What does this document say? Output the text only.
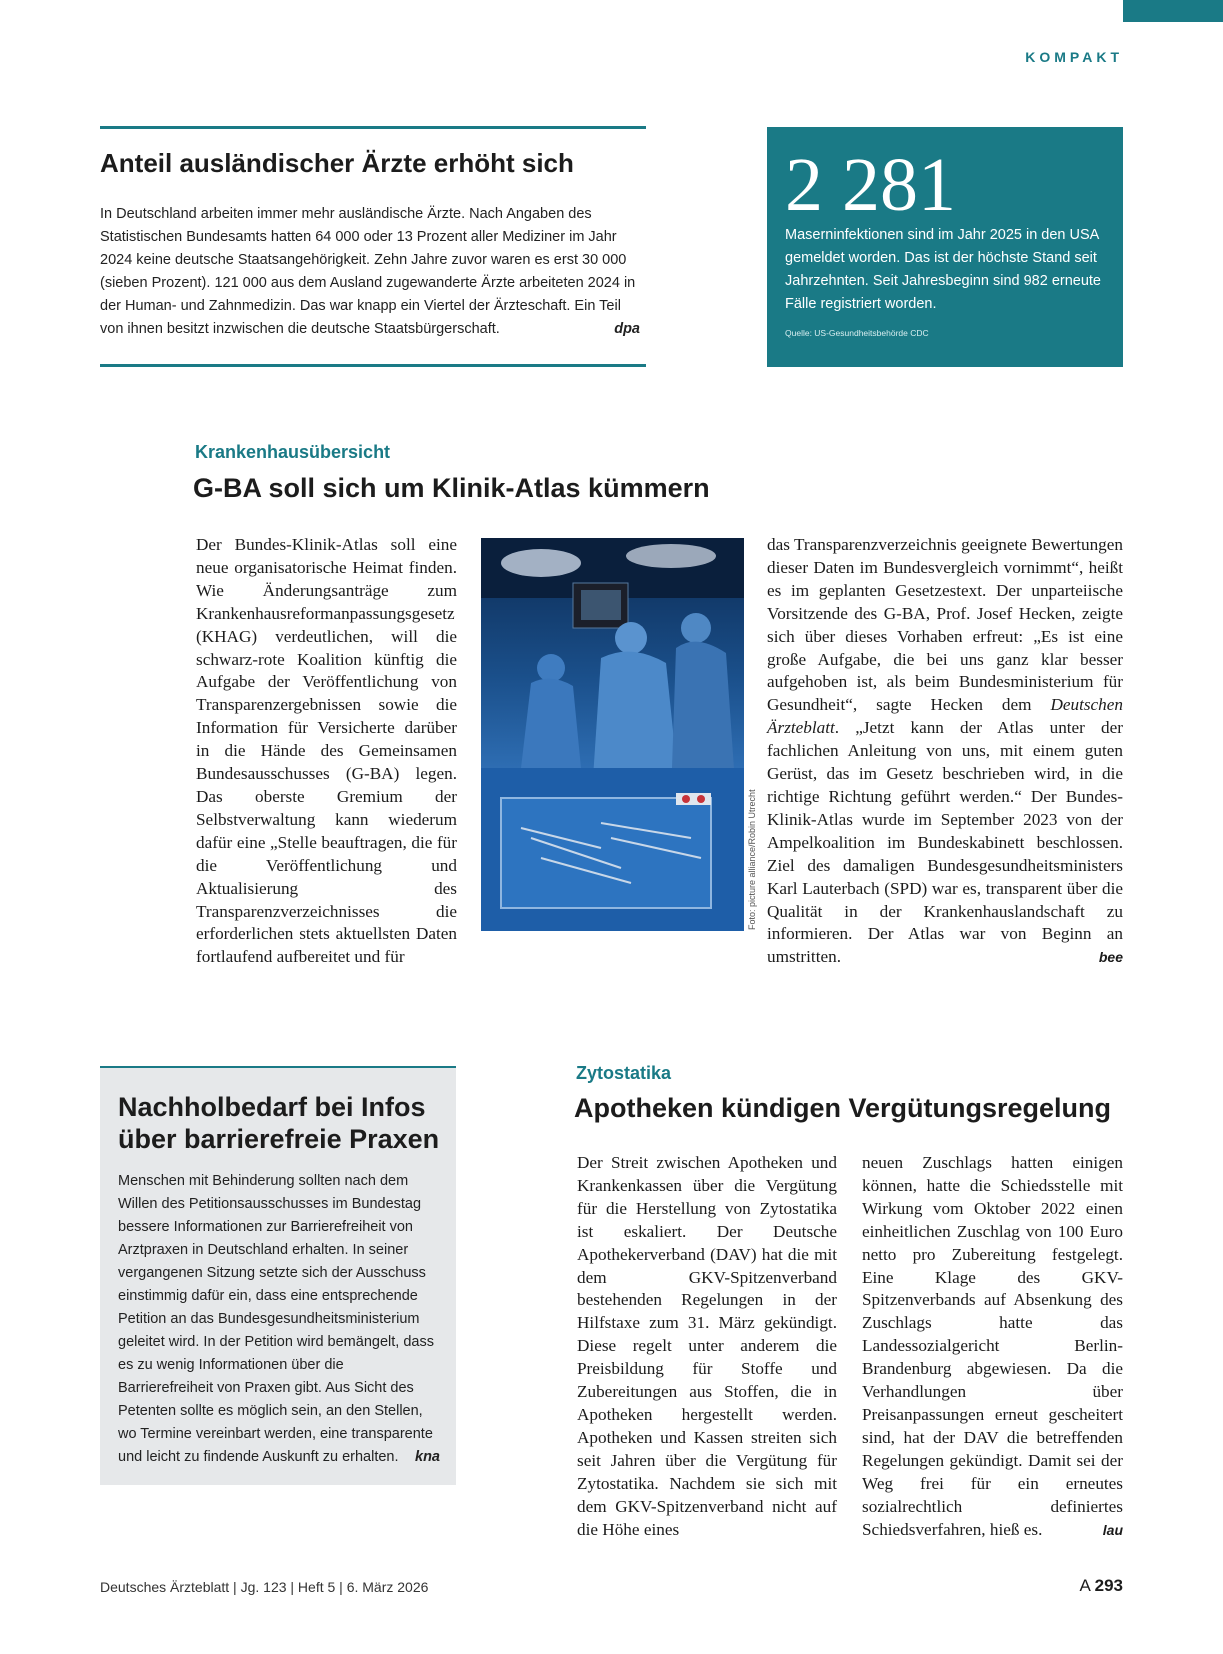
KOMPAKT
Anteil ausländischer Ärzte erhöht sich
In Deutschland arbeiten immer mehr ausländische Ärzte. Nach Angaben des Statistischen Bundesamts hatten 64 000 oder 13 Prozent aller Mediziner im Jahr 2024 keine deutsche Staatsangehörigkeit. Zehn Jahre zuvor waren es erst 30 000 (sieben Prozent). 121 000 aus dem Ausland zugewanderte Ärzte arbeiteten 2024 in der Human- und Zahnmedizin. Das war knapp ein Viertel der Ärzteschaft. Ein Teil von ihnen besitzt inzwischen die deutsche Staatsbürgerschaft.	dpa
2 281
Maserninfektionen sind im Jahr 2025 in den USA gemeldet worden. Das ist der höchste Stand seit Jahrzehnten. Seit Jahresbeginn sind 982 erneute Fälle registriert worden.
Quelle: US-Gesundheitsbehörde CDC
Krankenhausübersicht
G-BA soll sich um Klinik-Atlas kümmern
Der Bundes-Klinik-Atlas soll eine neue organisatorische Heimat finden. Wie Änderungsanträge zum Krankenhausreformanpassungsgesetz (KHAG) verdeutlichen, will die schwarz-rote Koalition künftig die Aufgabe der Veröffentlichung von Transparenzergebnissen sowie die Information für Versicherte darüber in die Hände des Gemeinsamen Bundesausschusses (G-BA) legen. Das oberste Gremium der Selbstverwaltung kann wiederum dafür eine „Stelle beauftragen, die für die Veröffentlichung und Aktualisierung des Transparenzverzeichnisses die erforderlichen stets aktuellsten Daten fortlaufend aufbereitet und für
Foto: picture alliance/Robin Utrecht
das Transparenzverzeichnis geeignete Bewertungen dieser Daten im Bundesvergleich vornimmt“, heißt es im geplanten Gesetzestext. Der unparteiische Vorsitzende des G-BA, Prof. Josef Hecken, zeigte sich über dieses Vorhaben erfreut: „Es ist eine große Aufgabe, die bei uns ganz klar besser aufgehoben ist, als beim Bundesministerium für Gesundheit“, sagte Hecken dem Deutschen Ärzteblatt. „Jetzt kann der Atlas unter der fachlichen Anleitung von uns, mit einem guten Gerüst, das im Gesetz beschrieben wird, in die richtige Richtung geführt werden.“ Der Bundes-Klinik-Atlas wurde im September 2023 von der Ampelkoalition im Bundeskabinett beschlossen. Ziel des damaligen Bundesgesundheitsministers Karl Lauterbach (SPD) war es, transparent über die Qualität in der Krankenhauslandschaft zu informieren. Der Atlas war von Beginn an umstritten.	bee
Nachholbedarf bei Infos über barrierefreie Praxen
Menschen mit Behinderung sollten nach dem Willen des Petitionsausschusses im Bundestag bessere Informationen zur Barrierefreiheit von Arztpraxen in Deutschland erhalten. In seiner vergangenen Sitzung setzte sich der Ausschuss einstimmig dafür ein, dass eine entsprechende Petition an das Bundesgesundheitsministerium geleitet wird. In der Petition wird bemängelt, dass es zu wenig Informationen über die Barrierefreiheit von Praxen gibt. Aus Sicht des Petenten sollte es möglich sein, an den Stellen, wo Termine vereinbart werden, eine transparente und leicht zu findende Auskunft zu erhalten. kna
Zytostatika
Apotheken kündigen Vergütungsregelung
Der Streit zwischen Apotheken und Krankenkassen über die Vergütung für die Herstellung von Zytostatika ist eskaliert. Der Deutsche Apothekerverband (DAV) hat die mit dem GKV-Spitzenverband bestehenden Regelungen in der Hilfstaxe zum 31. März gekündigt. Diese regelt unter anderem die Preisbildung für Stoffe und Zubereitungen aus Stoffen, die in Apotheken hergestellt werden. Apotheken und Kassen streiten sich seit Jahren über die Vergütung für Zytostatika. Nachdem sie sich mit dem GKV-Spitzenverband nicht auf die Höhe eines
neuen Zuschlags hatten einigen können, hatte die Schiedsstelle mit Wirkung vom Oktober 2022 einen einheitlichen Zuschlag von 100 Euro netto pro Zubereitung festgelegt. Eine Klage des GKV-Spitzenverbands auf Absenkung des Zuschlags hatte das Landessozialgericht Berlin-Brandenburg abgewiesen. Da die Verhandlungen über Preisanpassungen erneut gescheitert sind, hat der DAV die betreffenden Regelungen gekündigt. Damit sei der Weg frei für ein erneutes sozialrechtlich definiertes Schiedsverfahren, hieß es.	lau
Deutsches Ärzteblatt | Jg. 123 | Heft 5 | 6. März 2026	A 293
